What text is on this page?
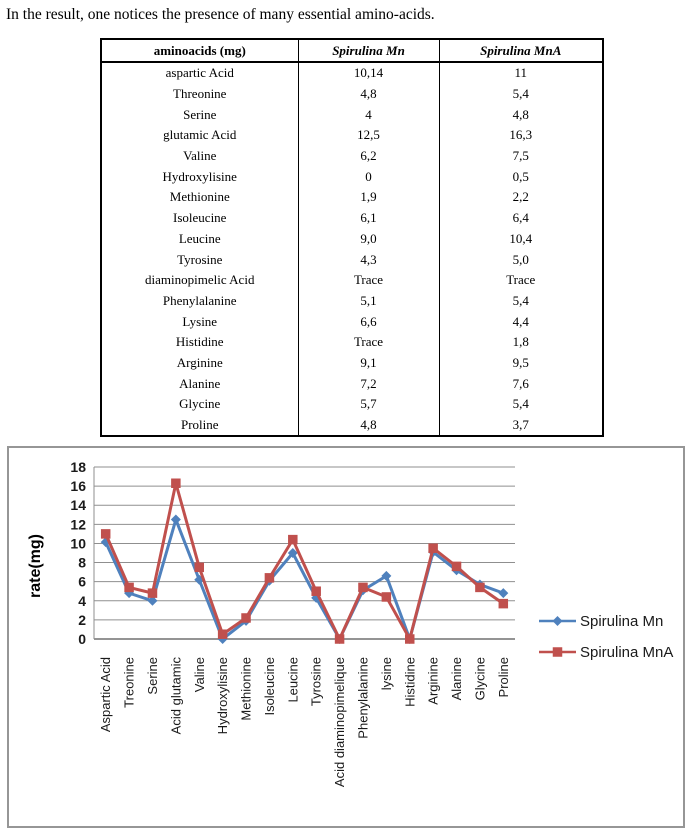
In the result, one notices the presence of many essential amino-acids.

aminoacids (mg)	Spirulina Mn	Spirulina MnA
aspartic Acid	10,14	11
Threonine	4,8	5,4
Serine	4	4,8
glutamic Acid	12,5	16,3
Valine	6,2	7,5
Hydroxylisine	0	0,5
Methionine	1,9	2,2
Isoleucine	6,1	6,4
Leucine	9,0	10,4
Tyrosine	4,3	5,0
diaminopimelic Acid	Trace	Trace
Phenylalanine	5,1	5,4
Lysine	6,6	4,4
Histidine	Trace	1,8
Arginine	9,1	9,5
Alanine	7,2	7,6
Glycine	5,7	5,4
Proline	4,8	3,7
0
2
4
6
8
10
12
14
16
18
rate(mg)
Aspartic Acid Treonine Serine Acid glutamic Valine Hydroxylisine Methionine Isoleucine Leucine Tyrosine Acid diaminopimelique Phenylalanine lysine Histidine Arginine Alanine Glycine Proline
Spirulina Mn
Spirulina MnA
